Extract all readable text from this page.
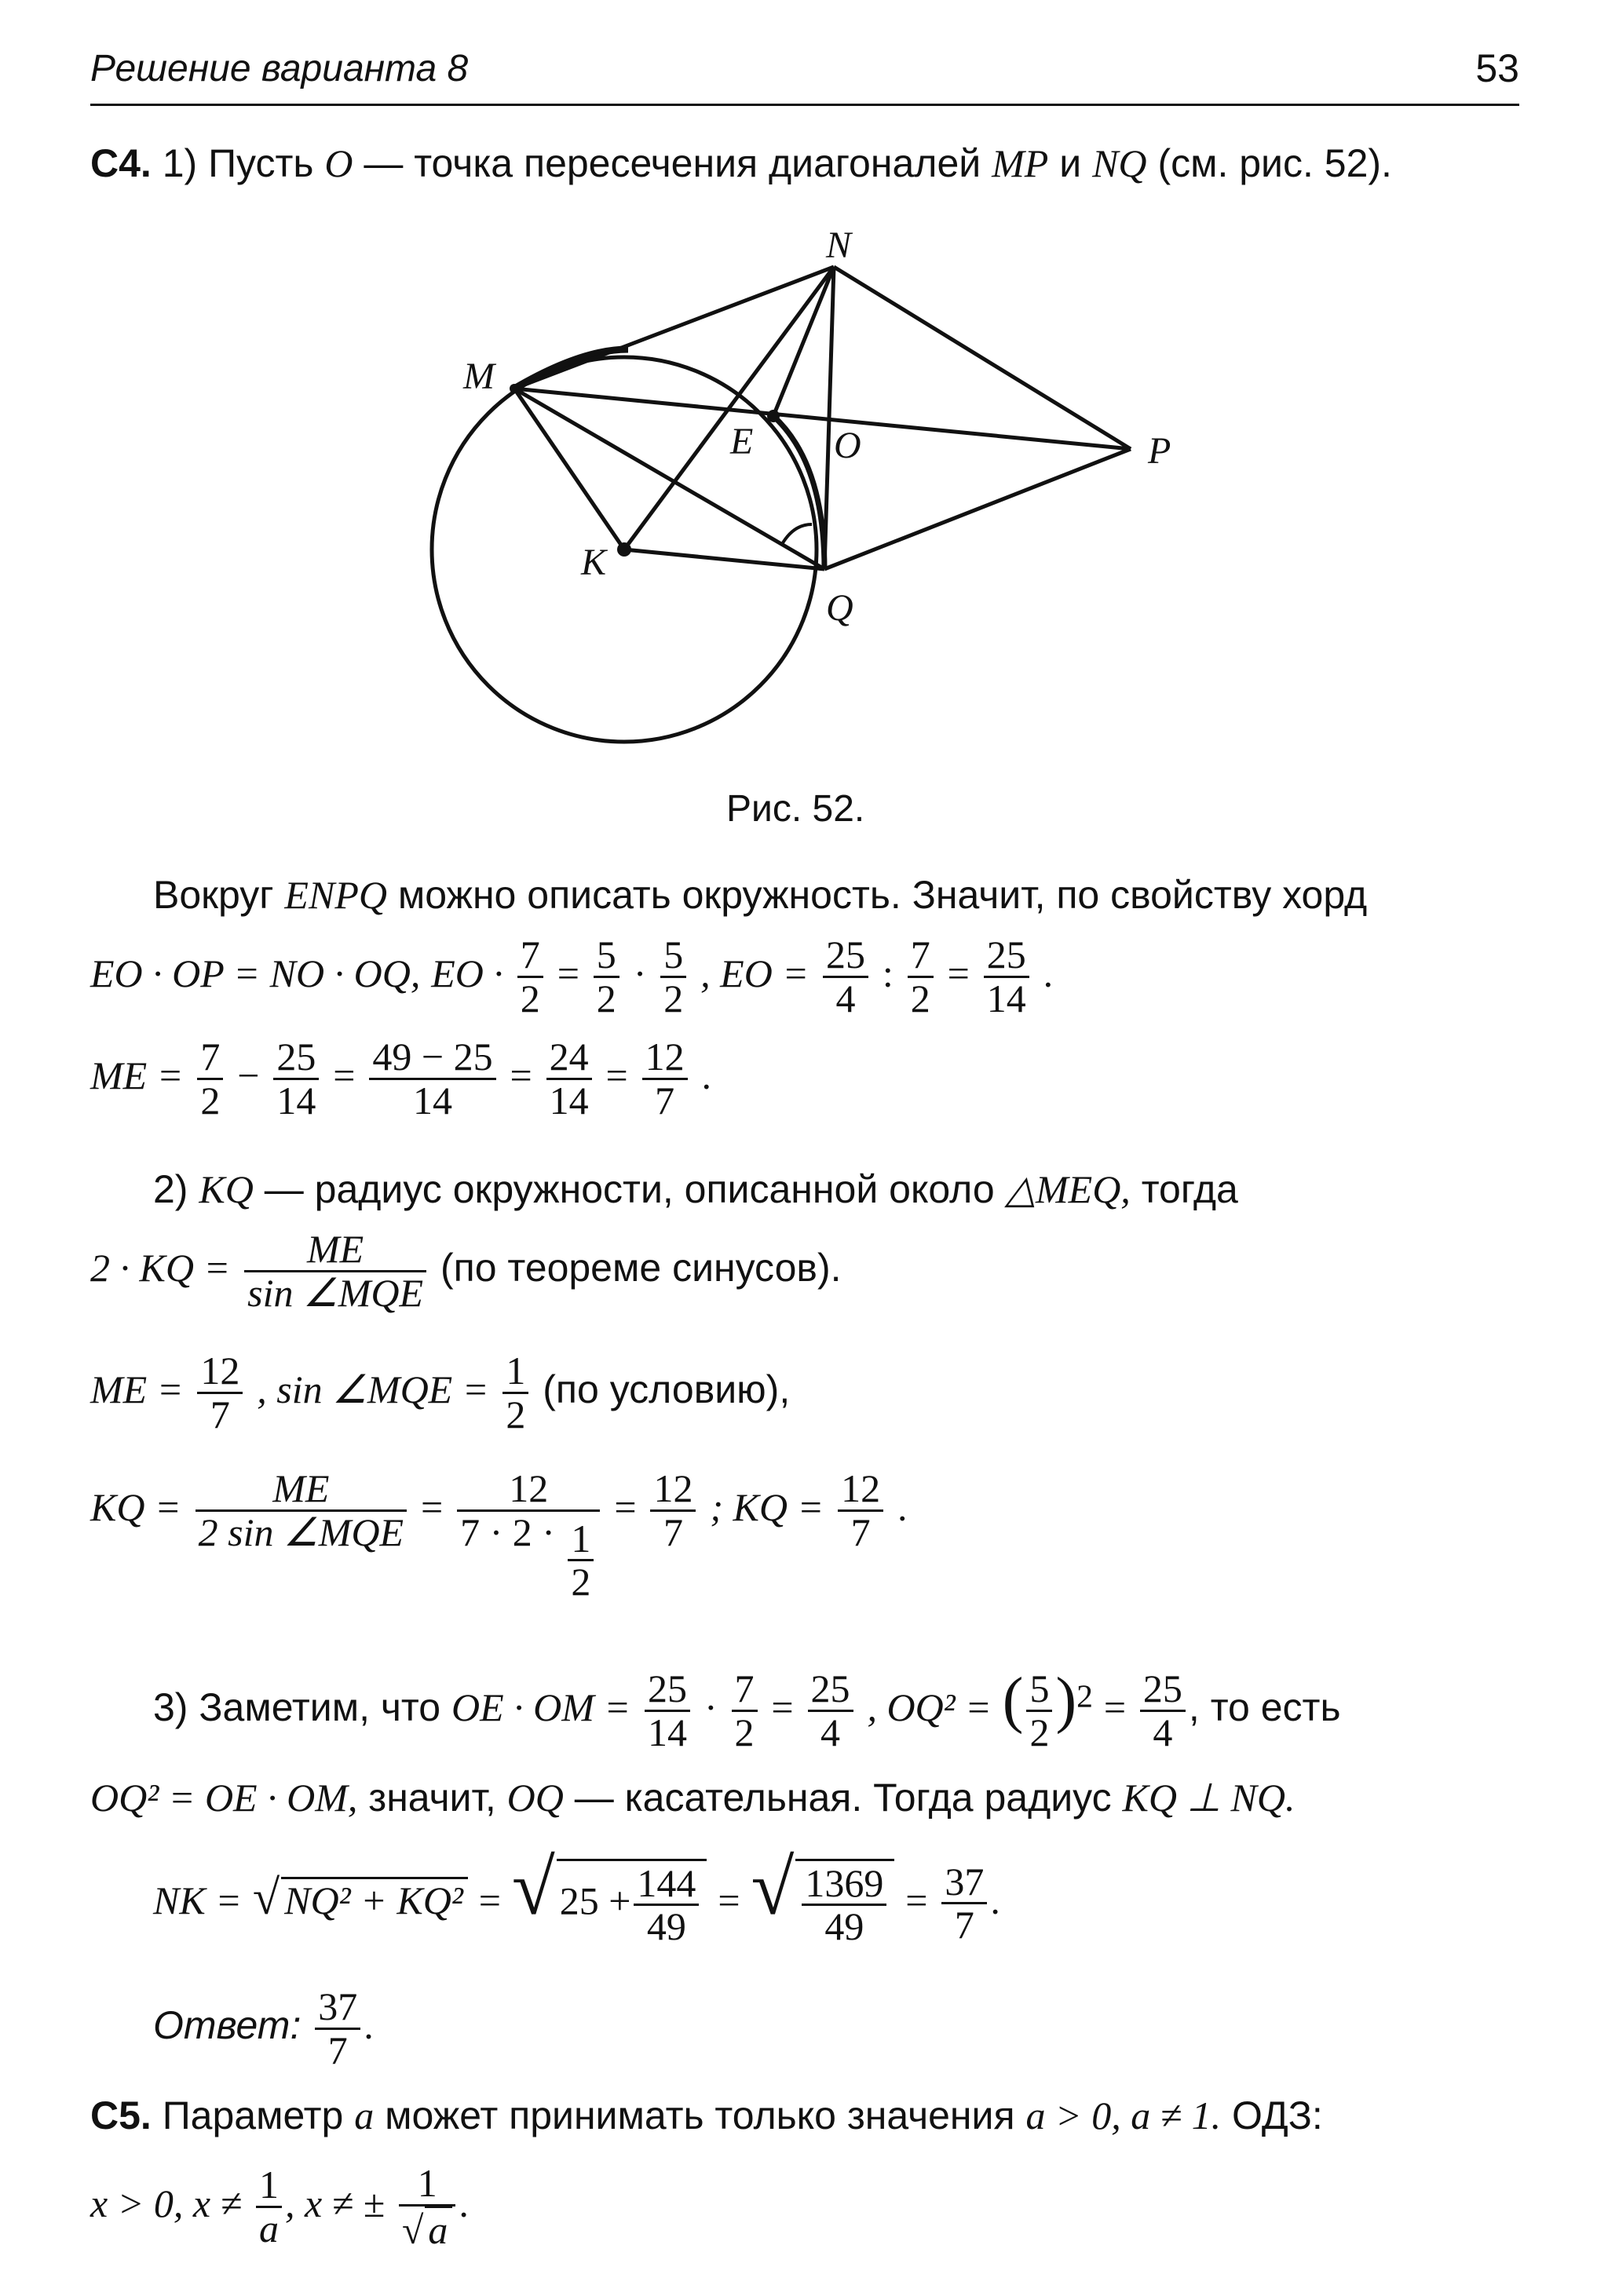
Решение варианта 8	53
C4. 1) Пусть O — точка пересечения диагоналей MP и NQ (см. рис. 52).
N
M
E O	P
K
Q
Рис. 52.
Вокруг ENPQ можно описать окружность. Значит, по свойству хорд
EO · OP = NO · OQ, EO · $\frac{7}{2} = \frac{5}{2} \cdot \frac{5}{2}$ , EO = $\frac{25}{4}$ : $\frac{7}{2} = \frac{25}{14}$ .
ME = $\frac{7}{2} - \frac{25}{14} = \frac{49 - 25}{14} = \frac{24}{14} = \frac{12}{7}$ .
2) KQ — радиус окружности, описанной около △MEQ, тогда
2 · KQ = $\frac{ME}{\text{sin ∠MQE}} (по$ теореме синусов).
ME = $\frac{12}{7}$ , sin ∠MQE = $\frac{1}{2} (по$ условию),
KQ = $\frac{ME}{\text{2 sin ∠MQE}} = \frac{12}{7 \cdot 2 \cdot \frac{1}{2}} = \frac{12}{7}$ ; KQ = $\frac{12}{7}$ .
3) Заметим, что OE · OM = $\frac{25}{14} \cdot \frac{7}{2} = \frac{25}{4}$ , OQ² = ( $\frac{5}{2} )^2 = \frac{25}{4}$ , то есть
OQ² = OE · OM, значит, OQ — касательная. Тогда радиус KQ ⊥ NQ.
NK = √ NQ² + KQ² = √ $25 + \frac{144}{49}$ = √ $\frac{1369}{49} = \frac{37}{7}$ .
Ответ: $\frac{37}{7}$ .
C5. Параметр a может принимать только значения a > 0, a ≠ 1. ОДЗ:
x > 0, $x \ne \frac{1}{a}$ , x ≠ ± $\frac{1}{√ a}$ .
